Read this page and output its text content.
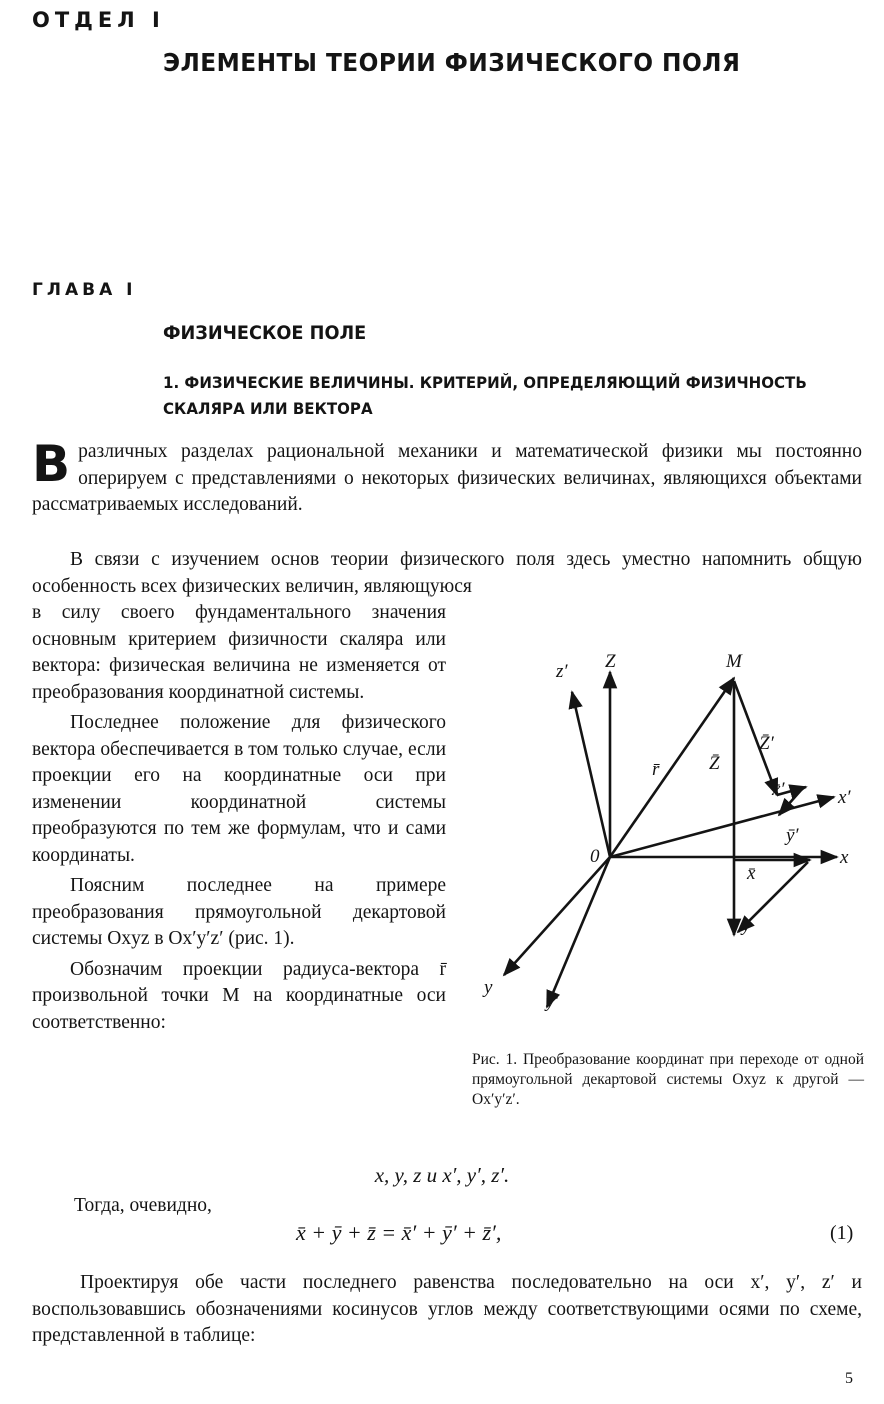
ОТДЕЛ I
ЭЛЕМЕНТЫ ТЕОРИИ ФИЗИЧЕСКОГО ПОЛЯ
ГЛАВА I
ФИЗИЧЕСКОЕ ПОЛЕ
1. ФИЗИЧЕСКИЕ ВЕЛИЧИНЫ. КРИТЕРИЙ, ОПРЕДЕЛЯЮЩИЙ ФИЗИЧНОСТЬ СКАЛЯРА ИЛИ ВЕКТОРА
В различных разделах рациональной механики и математической физики мы постоянно оперируем с представлениями о некоторых физических величинах, являющихся объектами рассматриваемых исследований.
В связи с изучением основ теории физического поля здесь уместно напомнить общую особенность всех физических величин, являющуюся

в силу своего фундаментального значения основным критерием физичности скаляра или вектора: физическая величина не изменяется от преобразования координатной системы.

Последнее положение для физического вектора обеспечивается в том только случае, если проекции его на координатные оси при изменении координатной системы преобразуются по тем же формулам, что и сами координаты.

Поясним последнее на примере преобразования прямоугольной декартовой системы Oxyz в Ox′y′z′ (рис. 1).

Обозначим проекции радиуса-вектора r̄ произвольной точки M на координатные оси соответственно:

Z
z′	M
0	x
x′
y
y′
r̄	Z̄
Z̄′
x̄′
ȳ′
x̄
ȳ
Рис. 1. Преобразование координат при переходе от одной прямоугольной декартовой системы Oxyz к другой — Ox′y′z′.
x, y, z и x′, y′, z′.
Тогда, очевидно,
x̄ + ȳ + z̄ = x̄′ + ȳ′ + z̄′,	(1)
Проектируя обе части последнего равенства последовательно на оси x′, y′, z′ и воспользовавшись обозначениями косинусов углов между соответствующими осями по схеме, представленной в таблице:
5
